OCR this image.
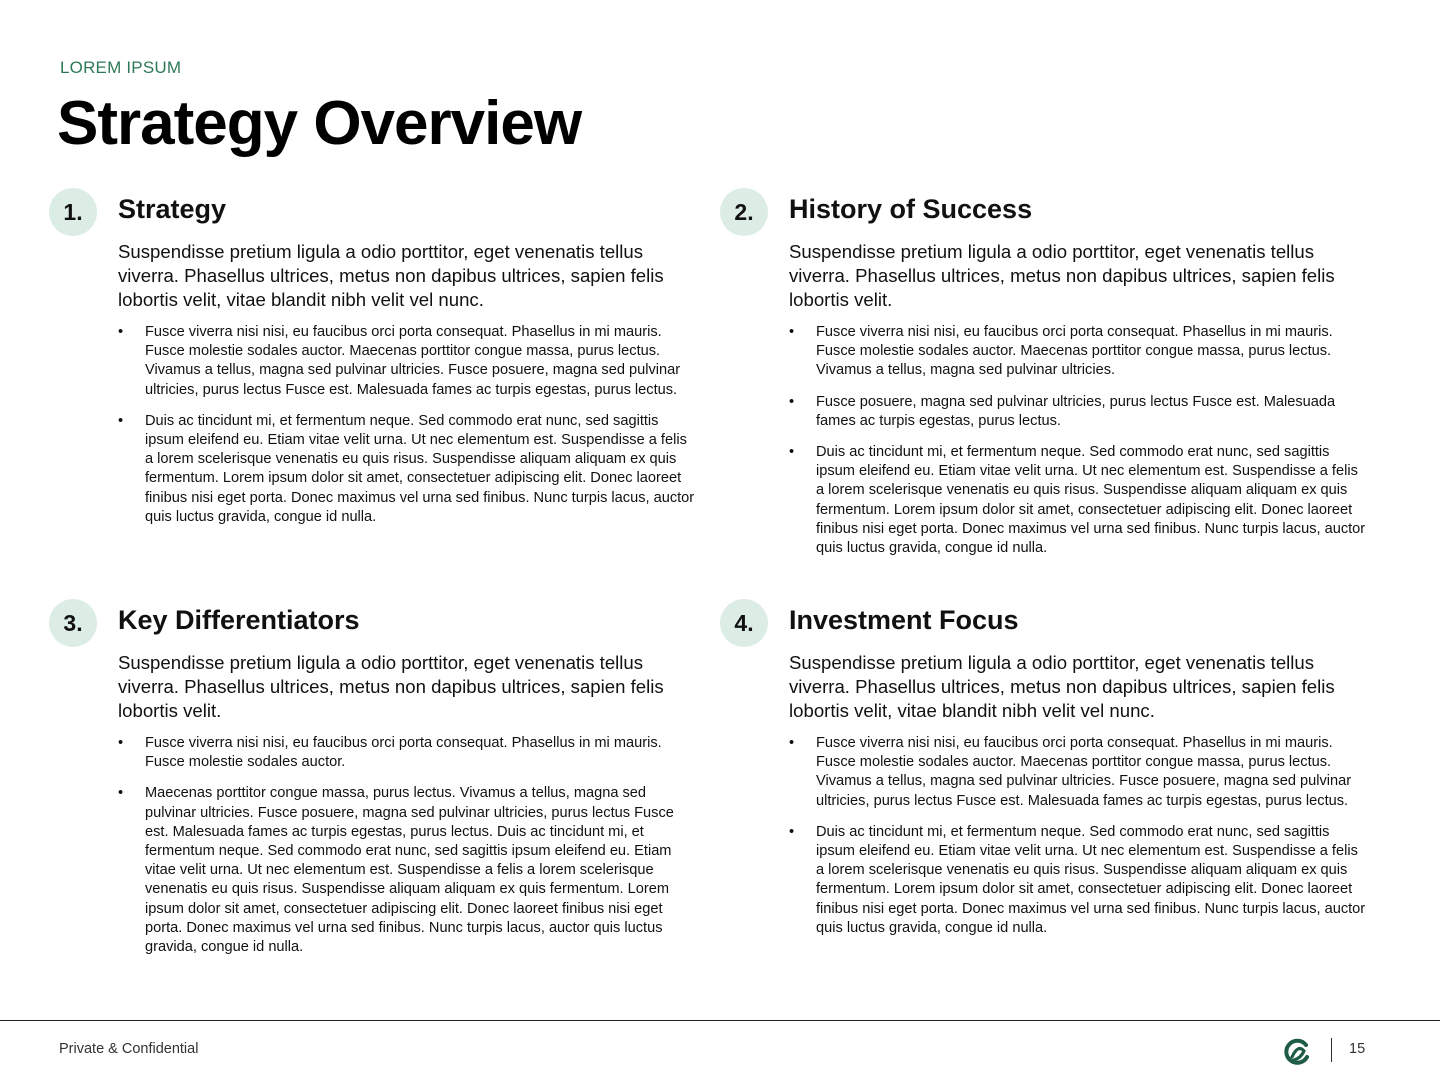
LOREM IPSUM
Strategy Overview
1.	Strategy

Suspendisse pretium ligula a odio porttitor, eget venenatis tellus viverra. Phasellus ultrices, metus non dapibus ultrices, sapien felis lobortis velit, vitae blandit nibh velit vel nunc.

• Fusce viverra nisi nisi, eu faucibus orci porta consequat. Phasellus in mi mauris. Fusce molestie sodales auctor. Maecenas porttitor congue massa, purus lectus. Vivamus a tellus, magna sed pulvinar ultricies. Fusce posuere, magna sed pulvinar ultricies, purus lectus Fusce est. Malesuada fames ac turpis egestas, purus lectus.
• Duis ac tincidunt mi, et fermentum neque. Sed commodo erat nunc, sed sagittis ipsum eleifend eu. Etiam vitae velit urna. Ut nec elementum est. Suspendisse a felis a lorem scelerisque venenatis eu quis risus. Suspendisse aliquam aliquam ex quis fermentum. Lorem ipsum dolor sit amet, consectetuer adipiscing elit. Donec laoreet finibus nisi eget porta. Donec maximus vel urna sed finibus. Nunc turpis lacus, auctor quis luctus gravida, congue id nulla.
2.	History of Success

Suspendisse pretium ligula a odio porttitor, eget venenatis tellus viverra. Phasellus ultrices, metus non dapibus ultrices, sapien felis lobortis velit.

• Fusce viverra nisi nisi, eu faucibus orci porta consequat. Phasellus in mi mauris. Fusce molestie sodales auctor. Maecenas porttitor congue massa, purus lectus. Vivamus a tellus, magna sed pulvinar ultricies.
• Fusce posuere, magna sed pulvinar ultricies, purus lectus Fusce est. Malesuada fames ac turpis egestas, purus lectus.
• Duis ac tincidunt mi, et fermentum neque. Sed commodo erat nunc, sed sagittis ipsum eleifend eu. Etiam vitae velit urna. Ut nec elementum est. Suspendisse a felis a lorem scelerisque venenatis eu quis risus. Suspendisse aliquam aliquam ex quis fermentum. Lorem ipsum dolor sit amet, consectetuer adipiscing elit. Donec laoreet finibus nisi eget porta. Donec maximus vel urna sed finibus. Nunc turpis lacus, auctor quis luctus gravida, congue id nulla.
3.	Key Differentiators

Suspendisse pretium ligula a odio porttitor, eget venenatis tellus viverra. Phasellus ultrices, metus non dapibus ultrices, sapien felis lobortis velit.

• Fusce viverra nisi nisi, eu faucibus orci porta consequat. Phasellus in mi mauris. Fusce molestie sodales auctor.
• Maecenas porttitor congue massa, purus lectus. Vivamus a tellus, magna sed pulvinar ultricies. Fusce posuere, magna sed pulvinar ultricies, purus lectus Fusce est. Malesuada fames ac turpis egestas, purus lectus. Duis ac tincidunt mi, et fermentum neque. Sed commodo erat nunc, sed sagittis ipsum eleifend eu. Etiam vitae velit urna. Ut nec elementum est. Suspendisse a felis a lorem scelerisque venenatis eu quis risus. Suspendisse aliquam aliquam ex quis fermentum. Lorem ipsum dolor sit amet, consectetuer adipiscing elit. Donec laoreet finibus nisi eget porta. Donec maximus vel urna sed finibus. Nunc turpis lacus, auctor quis luctus gravida, congue id nulla.
4.	Investment Focus

Suspendisse pretium ligula a odio porttitor, eget venenatis tellus viverra. Phasellus ultrices, metus non dapibus ultrices, sapien felis lobortis velit, vitae blandit nibh velit vel nunc.

• Fusce viverra nisi nisi, eu faucibus orci porta consequat. Phasellus in mi mauris. Fusce molestie sodales auctor. Maecenas porttitor congue massa, purus lectus. Vivamus a tellus, magna sed pulvinar ultricies. Fusce posuere, magna sed pulvinar ultricies, purus lectus Fusce est. Malesuada fames ac turpis egestas, purus lectus.
• Duis ac tincidunt mi, et fermentum neque. Sed commodo erat nunc, sed sagittis ipsum eleifend eu. Etiam vitae velit urna. Ut nec elementum est. Suspendisse a felis a lorem scelerisque venenatis eu quis risus. Suspendisse aliquam aliquam ex quis fermentum. Lorem ipsum dolor sit amet, consectetuer adipiscing elit. Donec laoreet finibus nisi eget porta. Donec maximus vel urna sed finibus. Nunc turpis lacus, auctor quis luctus gravida, congue id nulla.
Private & Confidential	15
